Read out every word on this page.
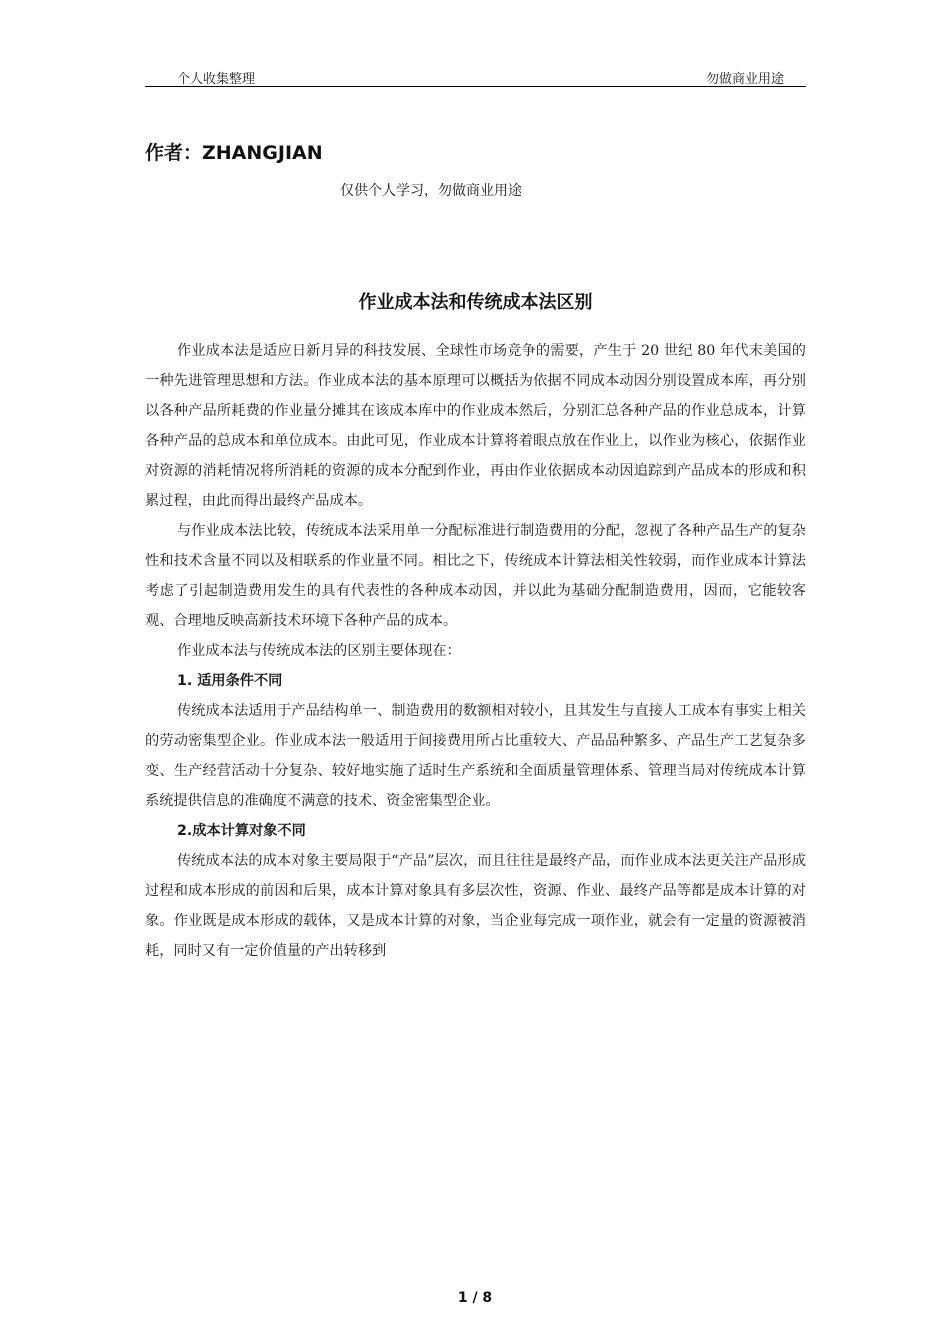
个人收集整理	勿做商业用途
作者：ZHANGJIAN
仅供个人学习，勿做商业用途
作业成本法和传统成本法区别

作业成本法是适应日新月异的科技发展、全球性市场竞争的需要，产生于 20 世纪 80 年代末美国的一种先进管理思想和方法。作业成本法的基本原理可以概括为依据不同成本动因分别设置成本库，再分别以各种产品所耗费的作业量分摊其在该成本库中的作业成本然后，分别汇总各种产品的作业总成本，计算各种产品的总成本和单位成本。由此可见，作业成本计算将着眼点放在作业上，以作业为核心，依据作业对资源的消耗情况将所消耗的资源的成本分配到作业，再由作业依据成本动因追踪到产品成本的形成和积累过程，由此而得出最终产品成本。

与作业成本法比较，传统成本法采用单一分配标准进行制造费用的分配，忽视了各种产品生产的复杂性和技术含量不同以及相联系的作业量不同。相比之下，传统成本计算法相关性较弱，而作业成本计算法考虑了引起制造费用发生的具有代表性的各种成本动因，并以此为基础分配制造费用，因而，它能较客观、合理地反映高新技术环境下各种产品的成本。

作业成本法与传统成本法的区别主要体现在：

1. 适用条件不同

传统成本法适用于产品结构单一、制造费用的数额相对较小，且其发生与直接人工成本有事实上相关的劳动密集型企业。作业成本法一般适用于间接费用所占比重较大、产品品种繁多、产品生产工艺复杂多变、生产经营活动十分复杂、较好地实施了适时生产系统和全面质量管理体系、管理当局对传统成本计算系统提供信息的准确度不满意的技术、资金密集型企业。

2.成本计算对象不同

传统成本法的成本对象主要局限于“产品”层次，而且往往是最终产品，而作业成本法更关注产品形成过程和成本形成的前因和后果，成本计算对象具有多层次性，资源、作业、最终产品等都是成本计算的对象。作业既是成本形成的载体，又是成本计算的对象，当企业每完成一项作业，就会有一定量的资源被消耗，同时又有一定价值量的产出转移到

1 / 8
